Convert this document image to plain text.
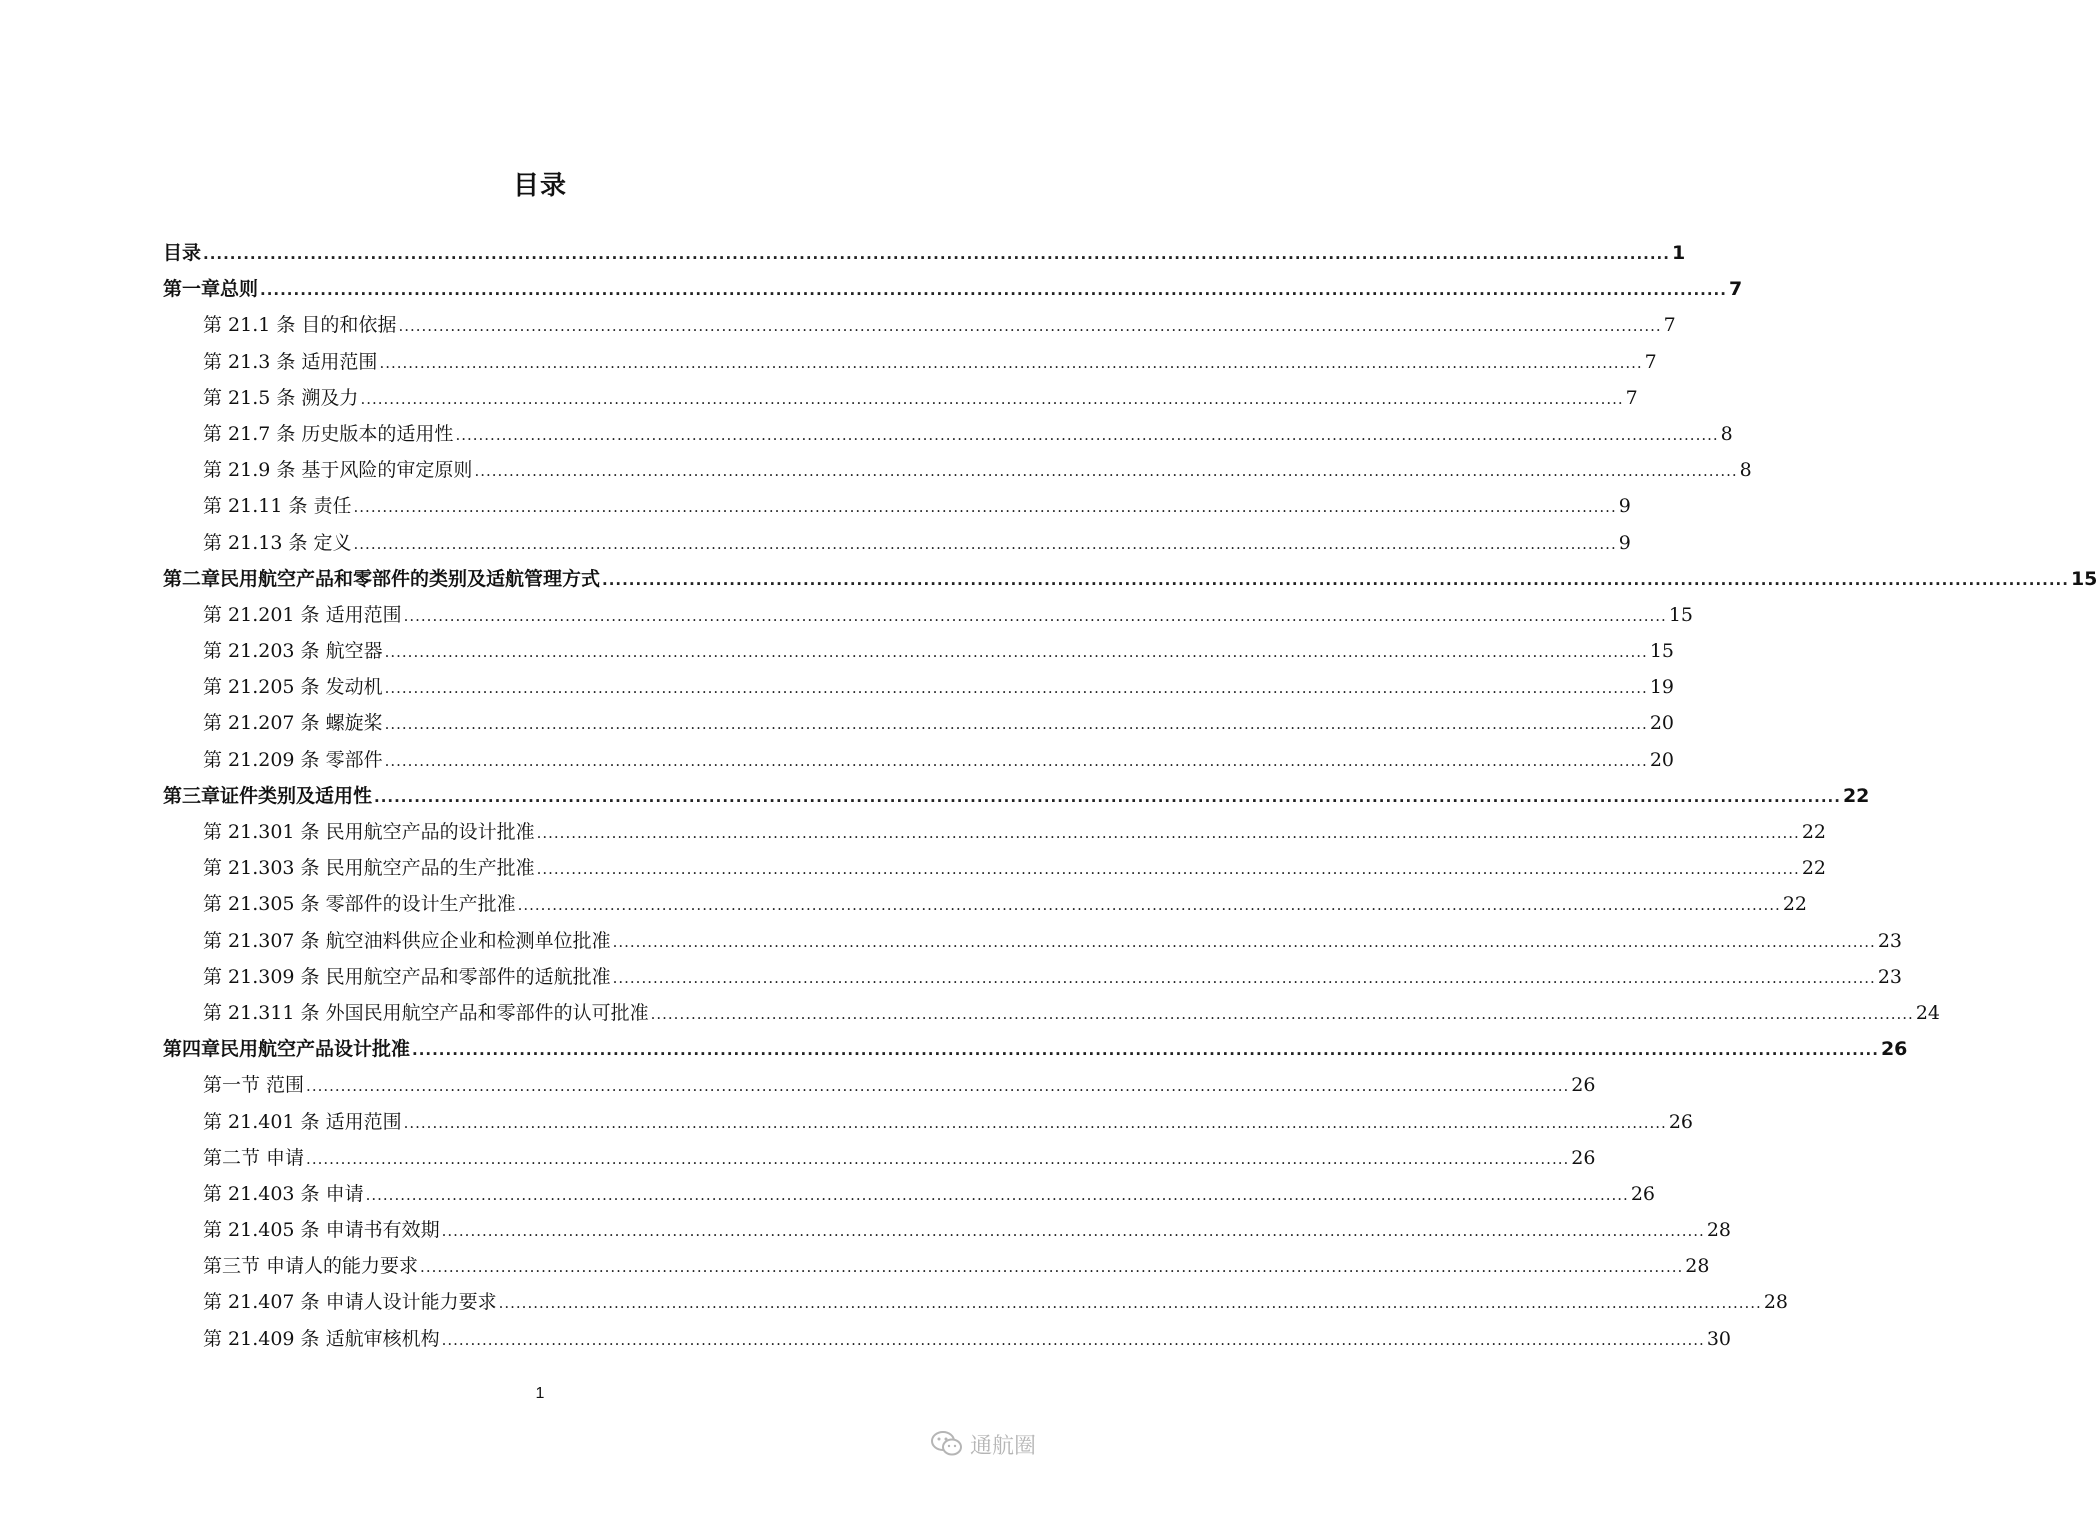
目录
目录 ........................................................................................................................................................................................................................... 1
第一章总则 ........................................................................................................................................................................................................................... 7
第 21.1 条 目的和依据 ........................................................................................................................................................................................................................... 7
第 21.3 条 适用范围 ........................................................................................................................................................................................................................... 7
第 21.5 条 溯及力 ........................................................................................................................................................................................................................... 7
第 21.7 条 历史版本的适用性 ........................................................................................................................................................................................................................... 8
第 21.9 条 基于风险的审定原则 ........................................................................................................................................................................................................................... 8
第 21.11 条 责任 ........................................................................................................................................................................................................................... 9
第 21.13 条 定义 ........................................................................................................................................................................................................................... 9
第二章民用航空产品和零部件的类别及适航管理方式 ........................................................................................................................................................................................................................... 15
第 21.201 条 适用范围 ........................................................................................................................................................................................................................... 15
第 21.203 条 航空器 ........................................................................................................................................................................................................................... 15
第 21.205 条 发动机 ........................................................................................................................................................................................................................... 19
第 21.207 条 螺旋桨 ........................................................................................................................................................................................................................... 20
第 21.209 条 零部件 ........................................................................................................................................................................................................................... 20
第三章证件类别及适用性 ........................................................................................................................................................................................................................... 22
第 21.301 条 民用航空产品的设计批准 ........................................................................................................................................................................................................................... 22
第 21.303 条 民用航空产品的生产批准 ........................................................................................................................................................................................................................... 22
第 21.305 条 零部件的设计生产批准 ........................................................................................................................................................................................................................... 22
第 21.307 条 航空油料供应企业和检测单位批准 ........................................................................................................................................................................................................................... 23
第 21.309 条 民用航空产品和零部件的适航批准 ........................................................................................................................................................................................................................... 23
第 21.311 条 外国民用航空产品和零部件的认可批准 ........................................................................................................................................................................................................................... 24
第四章民用航空产品设计批准 ........................................................................................................................................................................................................................... 26
第一节 范围 ........................................................................................................................................................................................................................... 26
第 21.401 条 适用范围 ........................................................................................................................................................................................................................... 26
第二节 申请 ........................................................................................................................................................................................................................... 26
第 21.403 条 申请 ........................................................................................................................................................................................................................... 26
第 21.405 条 申请书有效期 ........................................................................................................................................................................................................................... 28
第三节 申请人的能力要求 ........................................................................................................................................................................................................................... 28
第 21.407 条 申请人设计能力要求 ........................................................................................................................................................................................................................... 28
第 21.409 条 适航审核机构 ........................................................................................................................................................................................................................... 30
1
通航圈
